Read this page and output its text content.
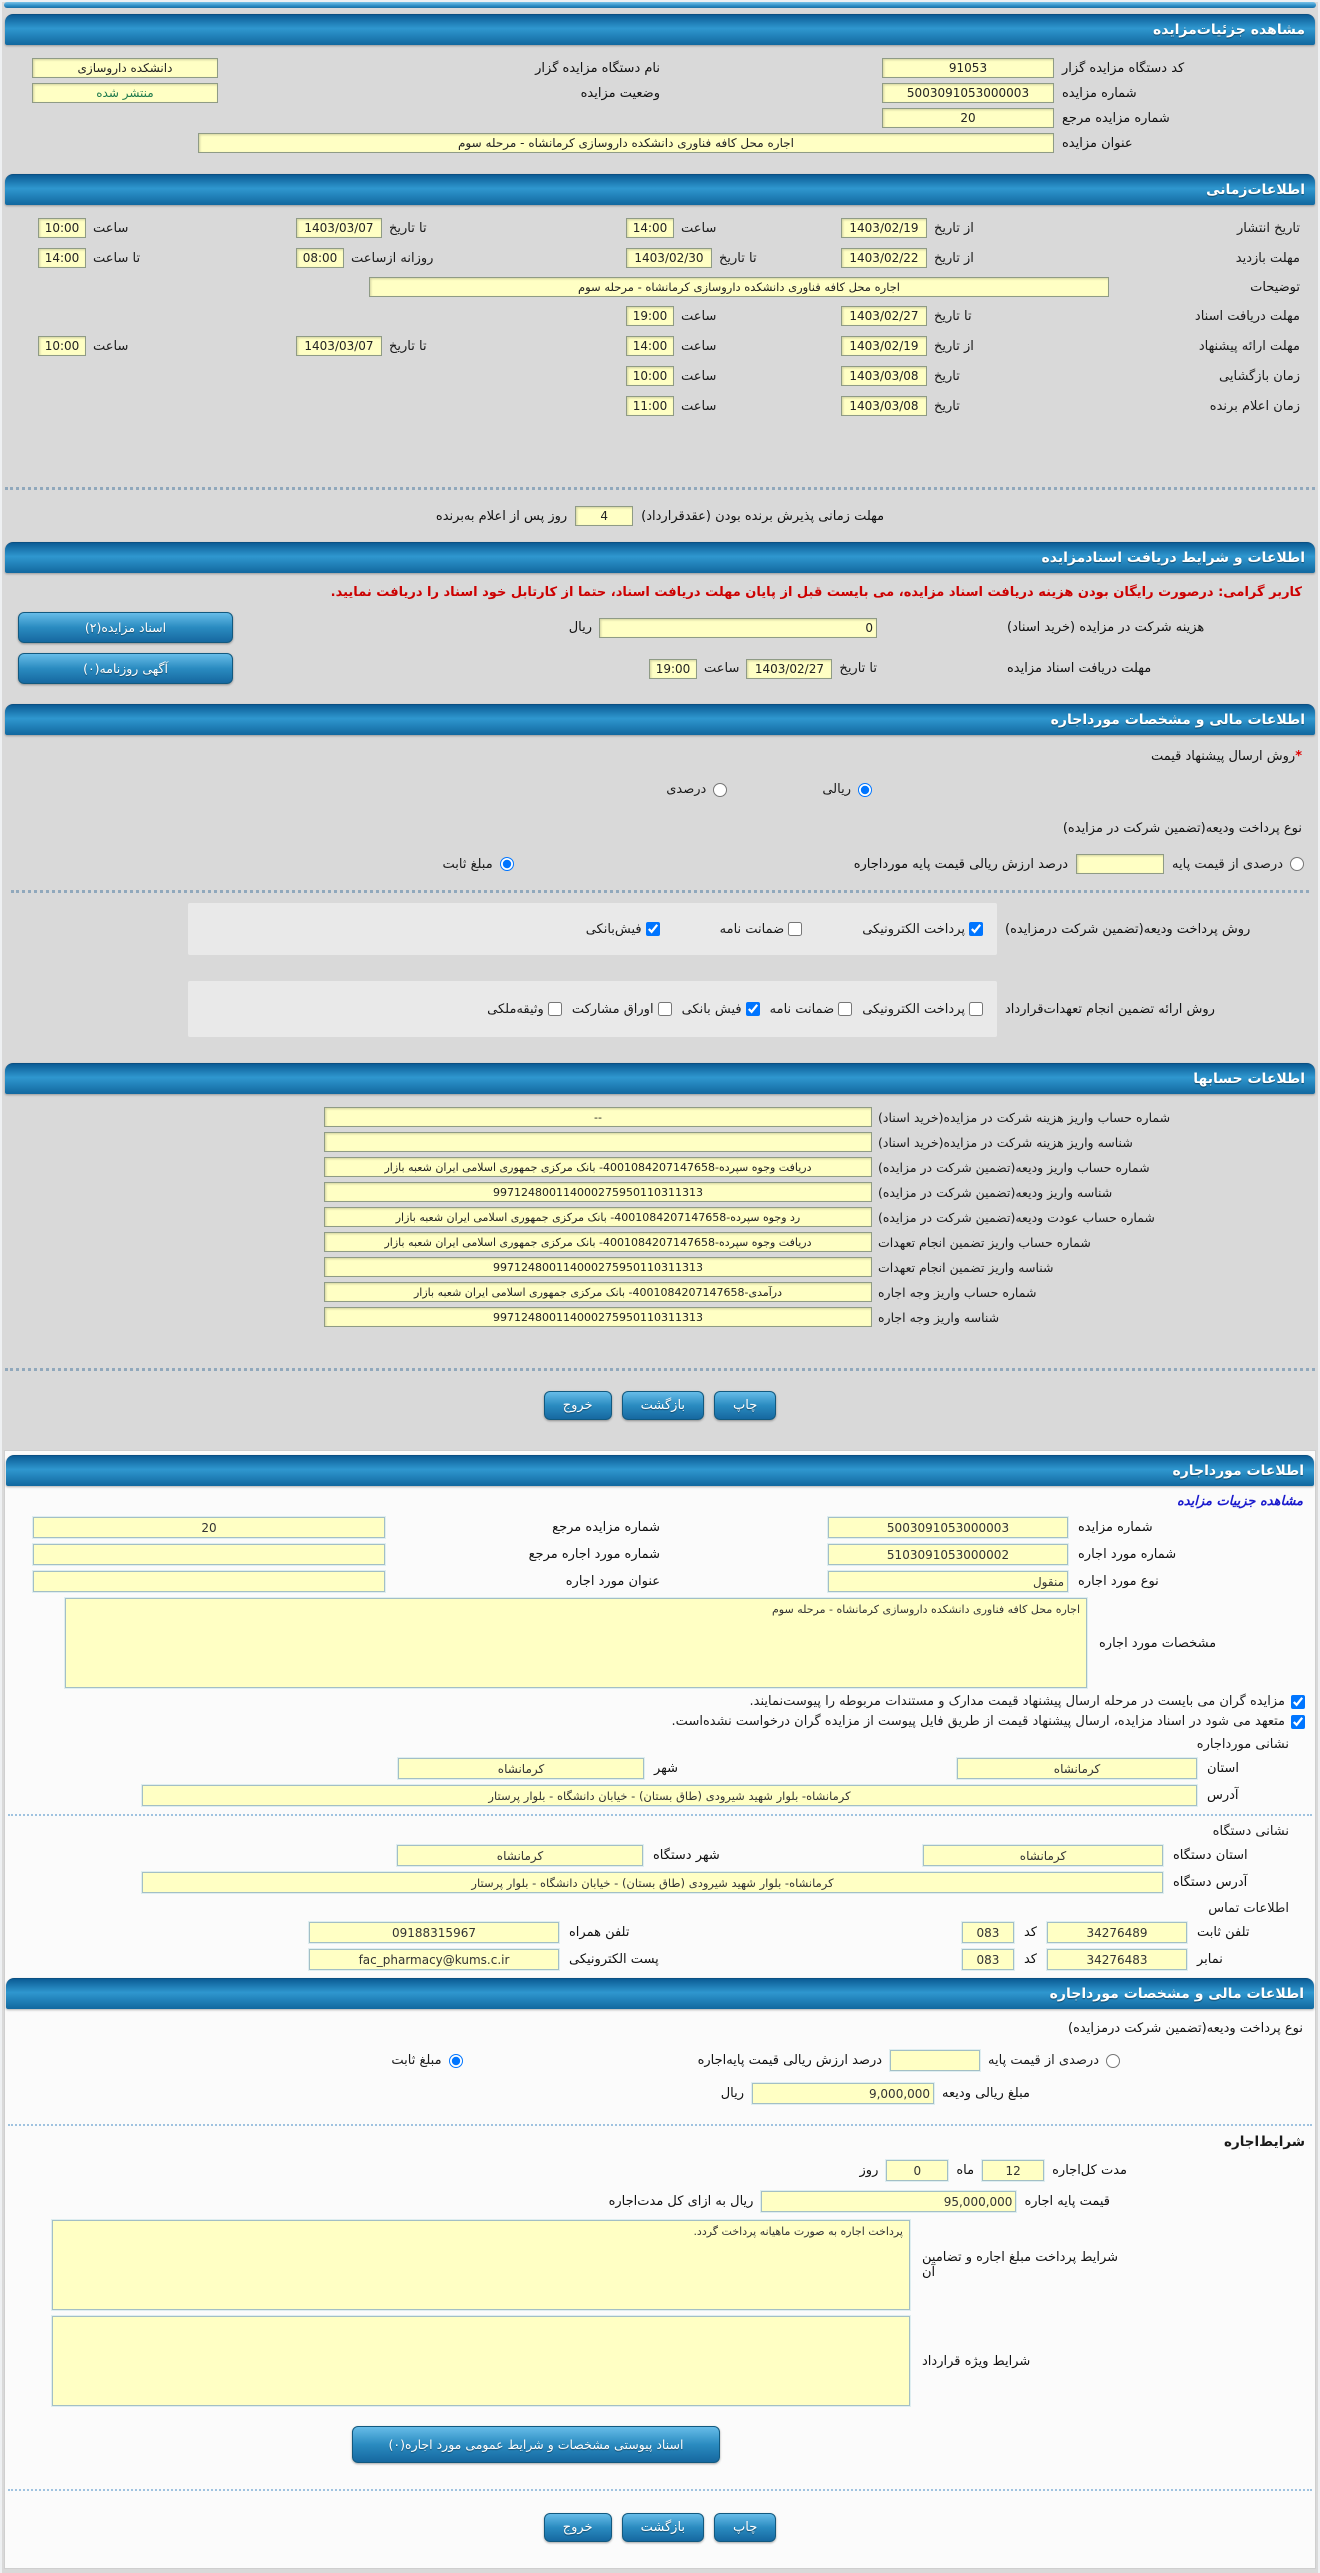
مشاهده جزئیات‌مزایده
کد دستگاه مزایده گزار
91053
نام دستگاه مزایده گزار
دانشکده داروسازی
شماره مزایده
5003091053000003
وضعیت مزایده
منتشر شده
شماره مزایده مرجع
20
عنوان مزایده
اجاره محل کافه فناوری دانشکده داروسازی کرمانشاه - مرحله سوم
اطلاعات‌زمانی
تاریخ انتشار
از تاریخ
1403/02/19
ساعت
14:00
تا تاریخ
1403/03/07
ساعت
10:00
مهلت بازدید
از تاریخ
1403/02/22
تا تاریخ
1403/02/30
روزانه ازساعت
08:00
تا ساعت
14:00
توضیحات
اجاره محل کافه فناوری دانشکده داروسازی کرمانشاه - مرحله سوم
مهلت دریافت اسناد
تا تاریخ
1403/02/27
ساعت
19:00
مهلت ارائه پیشنهاد
از تاریخ
1403/02/19
ساعت
14:00
تا تاریخ
1403/03/07
ساعت
10:00
زمان بازگشایی
تاریخ
1403/03/08
ساعت
10:00
زمان اعلام برنده
تاریخ
1403/03/08
ساعت
11:00
مهلت زمانی پذیرش برنده بودن (عقدقرارداد)
4
روز پس از اعلام به‌برنده
اطلاعات و شرایط دریافت اسنادمزایده
کاربر گرامی: درصورت رایگان بودن هزینه دریافت اسناد مزایده، می بایست قبل از پایان مهلت دریافت اسناد، حتما از کارتابل خود اسناد را دریافت نمایید.
هزینه شرکت در مزایده (خرید اسناد)
0
ریال
اسناد مزایده(۲)
مهلت دریافت اسناد مزایده
تا تاریخ
1403/02/27
ساعت
19:00
آگهی روزنامه(۰)
اطلاعات مالی و مشخصات مورداجاره
*
روش ارسال پیشنهاد قیمت
ریالی
درصدی
نوع پرداخت ودیعه(تضمین شرکت در مزایده)
درصدی از قیمت پایه
درصد ارزش ریالی قیمت پایه مورداجاره
مبلغ ثابت
روش پرداخت ودیعه(تضمین شرکت درمزایده)
پرداخت الکترونیکی
ضمانت نامه
فیش‌بانکی
روش ارائه تضمین انجام تعهدات‌قرارداد
پرداخت الکترونیکی
ضمانت نامه
فیش بانکی
اوراق مشارکت
وثیقه‌ملکی
اطلاعات حسابها
شماره حساب واریز هزینه شرکت در مزایده(خرید اسناد)
--
شناسه واریز هزینه شرکت در مزایده(خرید اسناد)
شماره حساب واریز ودیعه(تضمین شرکت در مزایده)
دریافت وجوه سپرده-4001084207147658- بانک مرکزی جمهوری اسلامی ایران شعبه بازار
شناسه واریز ودیعه(تضمین شرکت در مزایده)
997124800114000275950110311313
شماره حساب عودت ودیعه(تضمین شرکت در مزایده)
رد وجوه سپرده-4001084207147658- بانک مرکزی جمهوری اسلامی ایران شعبه بازار
شماره حساب واریز تضمین انجام تعهدات
دریافت وجوه سپرده-4001084207147658- بانک مرکزی جمهوری اسلامی ایران شعبه بازار
شناسه واریز تضمین انجام تعهدات
997124800114000275950110311313
شماره حساب واریز وجه اجاره
درآمدی-4001084207147658- بانک مرکزی جمهوری اسلامی ایران شعبه بازار
شناسه واریز وجه اجاره
997124800114000275950110311313
چاپ
بازگشت
خروج
اطلاعات مورداجاره
مشاهده جزییات مزایده
شماره مزایده
5003091053000003
شماره مزایده مرجع
20
شماره مورد اجاره
5103091053000002
شماره مورد اجاره مرجع
نوع مورد اجاره
منقول
عنوان مورد اجاره
مشخصات مورد اجاره
اجاره محل کافه فناوری دانشکده داروسازی کرمانشاه - مرحله سوم
مزایده گران می بایست در مرحله ارسال پیشنهاد قیمت مدارک و مستندات مربوطه را پیوست‌نمایند.
متعهد می شود در اسناد مزایده، ارسال پیشنهاد قیمت از طریق فایل پیوست از مزایده گران درخواست نشده‌است.
نشانی مورداجاره
استان
کرمانشاه
شهر
کرمانشاه
آدرس
کرمانشاه- بلوار شهید شیرودی (طاق بستان) - خیابان دانشگاه - بلوار پرستار
نشانی دستگاه
استان دستگاه
کرمانشاه
شهر دستگاه
کرمانشاه
آدرس دستگاه
کرمانشاه- بلوار شهید شیرودی (طاق بستان) - خیابان دانشگاه - بلوار پرستار
اطلاعات تماس
تلفن ثابت
34276489
کد
083
تلفن همراه
09188315967
نمابر
34276483
کد
083
پست الکترونیکی
fac_pharmacy@kums.c.ir
اطلاعات مالی و مشخصات مورداجاره
نوع پرداخت ودیعه(تضمین شرکت درمزایده)
درصدی از قیمت پایه
درصد ارزش ریالی قیمت پایه‌اجاره
مبلغ ثابت
مبلغ ریالی ودیعه
9,000,000
ریال
شرایط‌اجاره
مدت کل‌اجاره
12
ماه
0
روز
قیمت پایه اجاره
95,000,000
ریال به ازای کل مدت‌اجاره
شرایط پرداخت مبلغ اجاره و تضامین آن
پرداخت اجاره به صورت ماهیانه پرداخت گردد.
شرایط ویژه قرارداد
اسناد پیوستی مشخصات و شرایط عمومی مورد اجاره(۰)
چاپ
بازگشت
خروج
